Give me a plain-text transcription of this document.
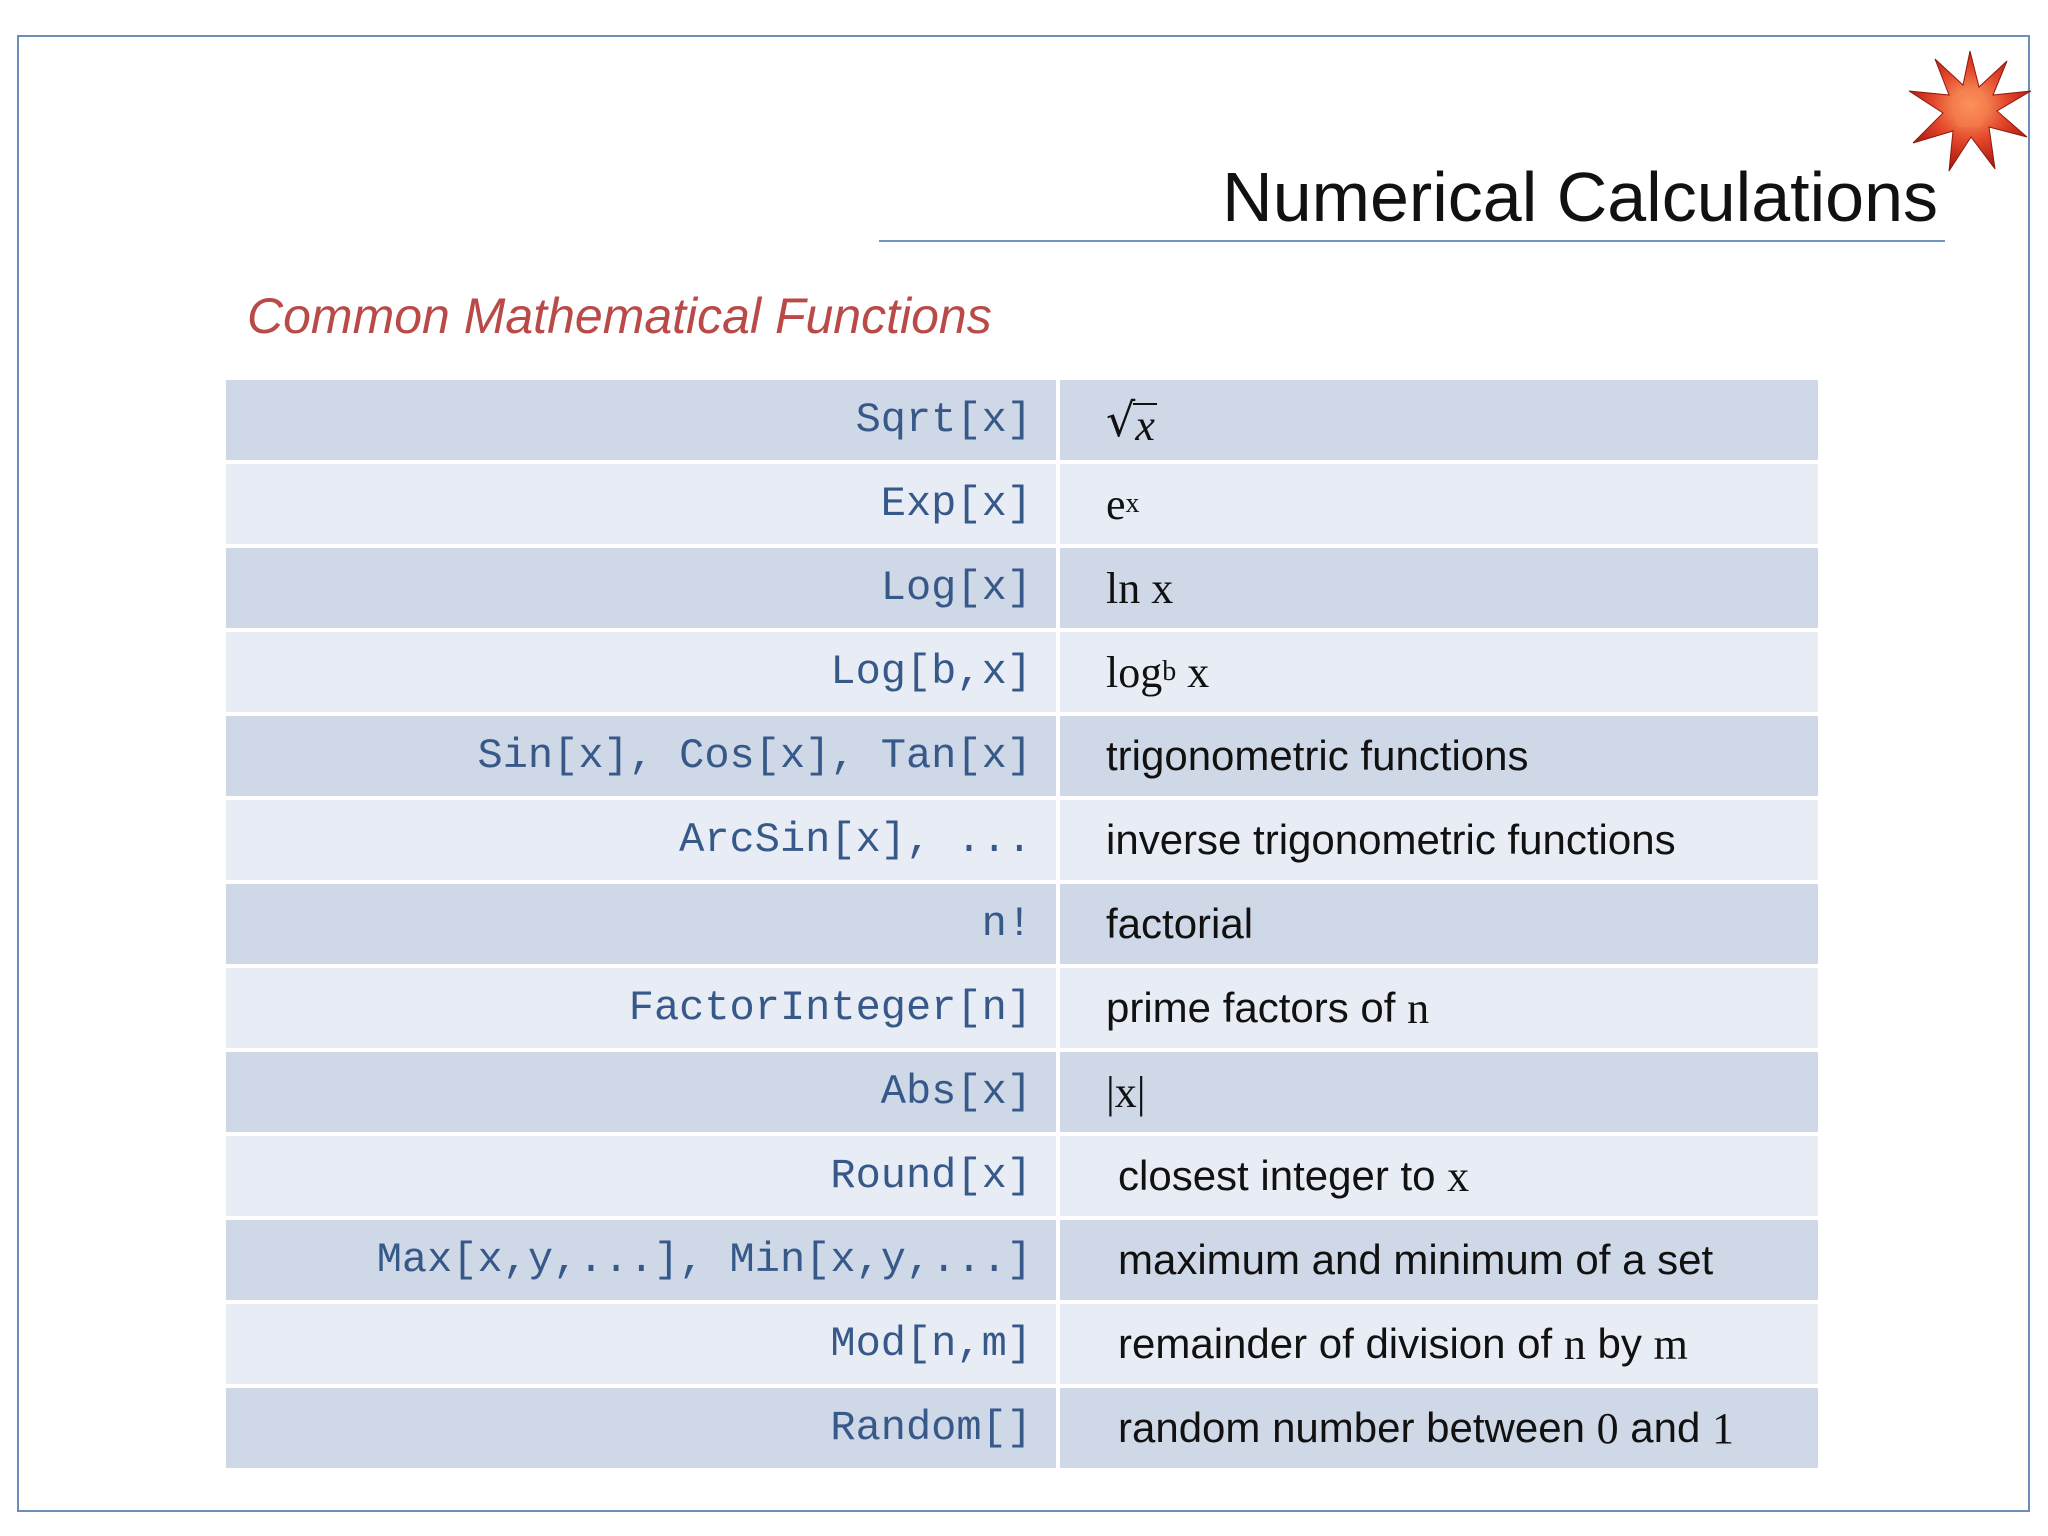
Numerical Calculations
Common Mathematical Functions
Sqrt[x]	√ x
Exp[x]	e x
Log[x]	ln x
Log[b,x]	log b x
Sin[x], Cos[x], Tan[x]	trigonometric functions
ArcSin[x], ...	inverse trigonometric functions
n!	factorial
FactorInteger[n]	prime factors of n
Abs[x]	|x|
Round[x]	closest integer to x
Max[x,y,...], Min[x,y,...]	maximum and minimum of a set
Mod[n,m]	remainder of division of n by m
Random[]	random number between 0 and 1
